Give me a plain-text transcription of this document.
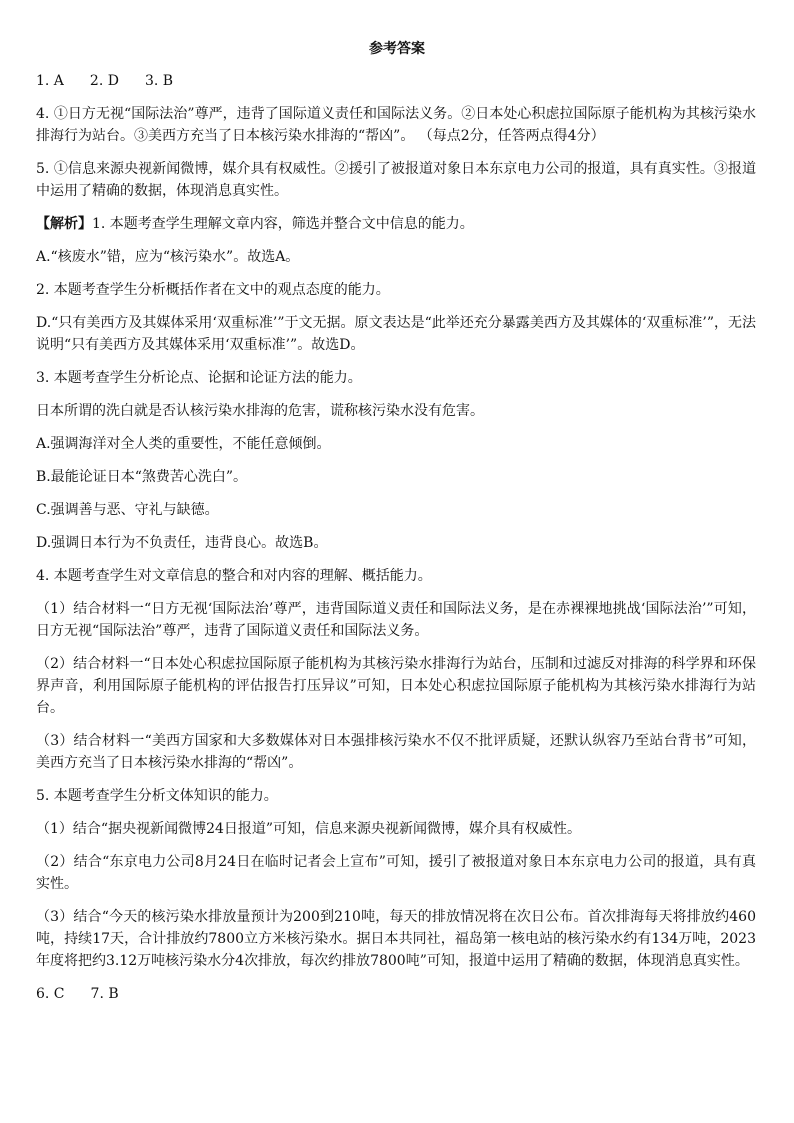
参考答案

1. A 2. D 3. B

4. ①日方无视“国际法治”尊严，违背了国际道义责任和国际法义务。②日本处心积虑拉国际原子能机构为其核污染水排海行为站台。③美西方充当了日本核污染水排海的“帮凶”。 （每点2分，任答两点得4分）

5. ①信息来源央视新闻微博，媒介具有权威性。②援引了被报道对象日本东京电力公司的报道，具有真实性。③报道中运用了精确的数据，体现消息真实性。

【解析】1. 本题考查学生理解文章内容，筛选并整合文中信息的能力。

A.“核废水”错，应为“核污染水”。故选A。

2. 本题考查学生分析概括作者在文中的观点态度的能力。

D.“只有美西方及其媒体采用‘双重标准’”于文无据。原文表达是“此举还充分暴露美西方及其媒体的‘双重标准’”，无法说明“只有美西方及其媒体采用‘双重标准’”。故选D。

3. 本题考查学生分析论点、论据和论证方法的能力。

日本所谓的洗白就是否认核污染水排海的危害，谎称核污染水没有危害。

A.强调海洋对全人类的重要性，不能任意倾倒。

B.最能论证日本“煞费苦心洗白”。

C.强调善与恶、守礼与缺德。

D.强调日本行为不负责任，违背良心。故选B。

4. 本题考查学生对文章信息的整合和对内容的理解、概括能力。

（1）结合材料一“日方无视‘国际法治’尊严，违背国际道义责任和国际法义务，是在赤裸裸地挑战‘国际法治’”可知，日方无视“国际法治”尊严，违背了国际道义责任和国际法义务。

（2）结合材料一“日本处心积虑拉国际原子能机构为其核污染水排海行为站台，压制和过滤反对排海的科学界和环保界声音，利用国际原子能机构的评估报告打压异议”可知，日本处心积虑拉国际原子能机构为其核污染水排海行为站台。

（3）结合材料一“美西方国家和大多数媒体对日本强排核污染水不仅不批评质疑，还默认纵容乃至站台背书”可知，美西方充当了日本核污染水排海的“帮凶”。

5. 本题考查学生分析文体知识的能力。

（1）结合“据央视新闻微博24日报道”可知，信息来源央视新闻微博，媒介具有权威性。

（2）结合“东京电力公司8月24日在临时记者会上宣布”可知，援引了被报道对象日本东京电力公司的报道，具有真实性。

（3）结合“今天的核污染水排放量预计为200到210吨，每天的排放情况将在次日公布。首次排海每天将排放约460吨，持续17天，合计排放约7800立方米核污染水。据日本共同社，福岛第一核电站的核污染水约有134万吨，2023年度将把约3.12万吨核污染水分4次排放，每次约排放7800吨”可知，报道中运用了精确的数据，体现消息真实性。

6. C 7. B
